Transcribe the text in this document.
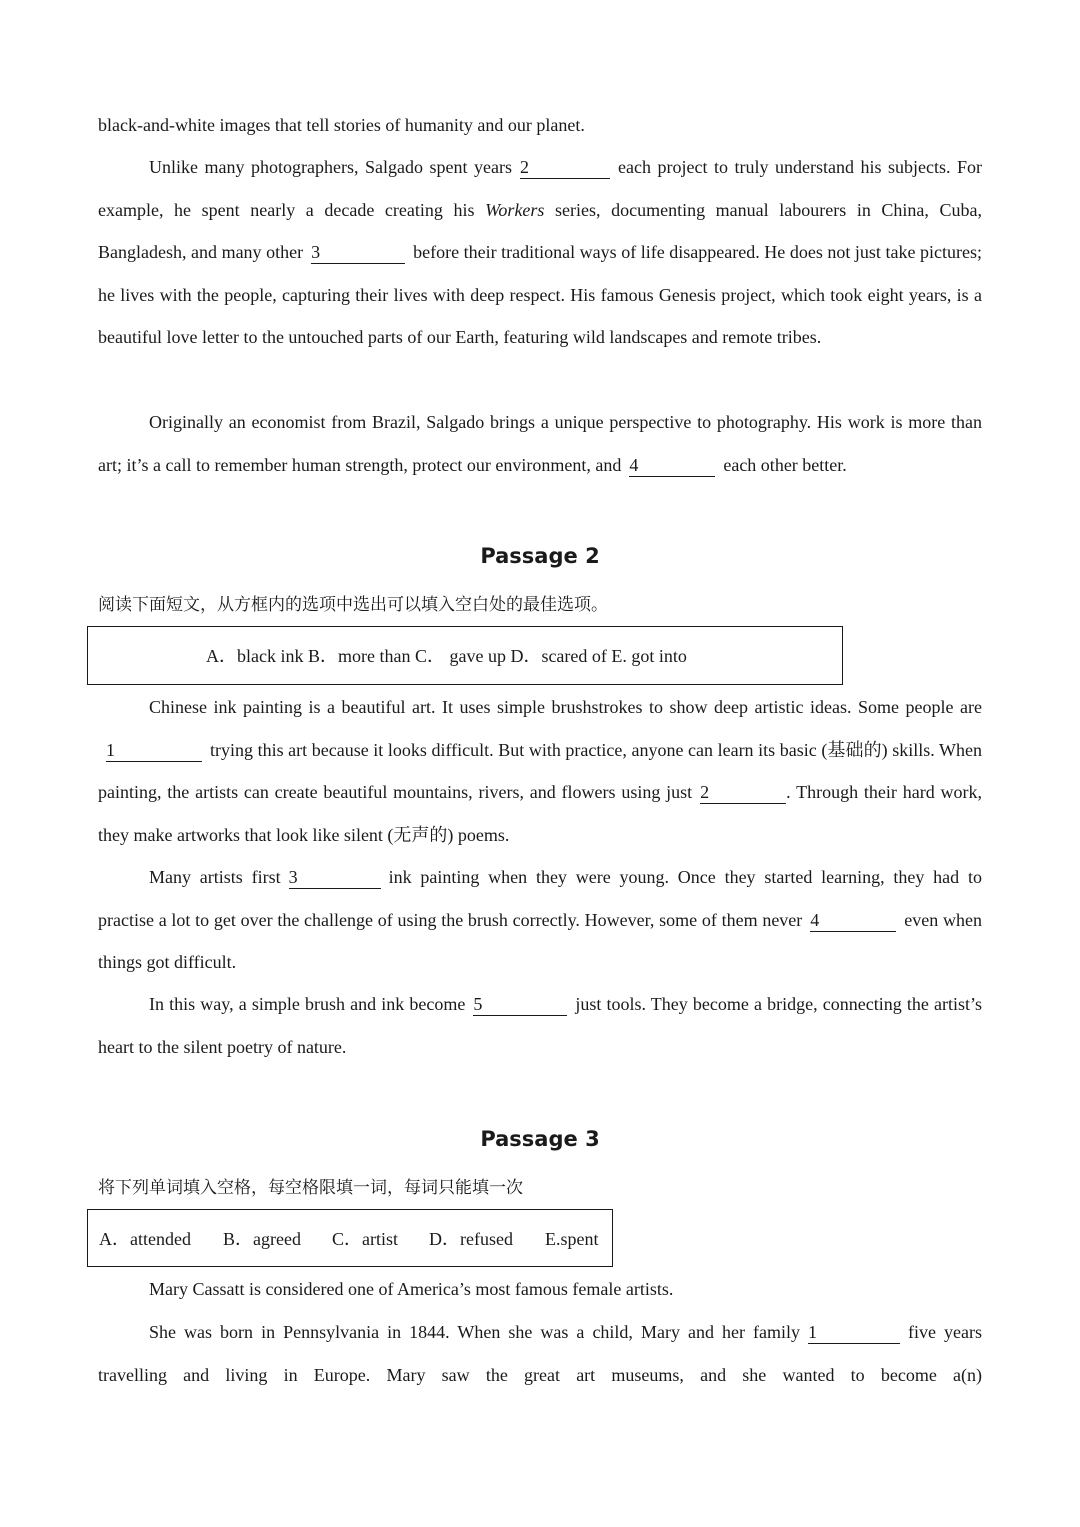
black-and-white images that tell stories of humanity and our planet.
Unlike many photographers, Salgado spent years 2	each project to truly understand his subjects. For example, he spent nearly a decade creating his Workers series, documenting manual labourers in China, Cuba, Bangladesh, and many other 3	before their traditional ways of life disappeared. He does not just take pictures; he lives with the people, capturing their lives with deep respect. His famous Genesis project, which took eight years, is a beautiful love letter to the untouched parts of our Earth, featuring wild landscapes and remote tribes.
Originally an economist from Brazil, Salgado brings a unique perspective to photography. His work is more than art; it’s a call to remember human strength, protect our environment, and 4	each other better.
Passage 2
阅读下面短文，从方框内的选项中选出可以填入空白处的最佳选项。
A．black ink B．more than C． gave up D．scared of E. got into
Chinese ink painting is a beautiful art. It uses simple brushstrokes to show deep artistic ideas. Some people are1	trying this art because it looks difficult. But with practice, anyone can learn its basic (基础的) skills. When painting, the artists can create beautiful mountains, rivers, and flowers using just 2	. Through their hard work, they make artworks that look like silent (无声的) poems.
Many artists first 3	ink painting when they were young. Once they started learning, they had to practise a lot to get over the challenge of using the brush correctly. However, some of them never 4	even when things got difficult.
In this way, a simple brush and ink become 5	just tools. They become a bridge, connecting the artist’s heart to the silent poetry of nature.
Passage 3
将下列单词填入空格，每空格限填一词，每词只能填一次
A．attended B．agreed C．artist D．refused E.spent
Mary Cassatt is considered one of America’s most famous female artists.
She was born in Pennsylvania in 1844. When she was a child, Mary and her family 1	five years travelling and living in Europe. Mary saw the great art museums, and she wanted to become a(n)
